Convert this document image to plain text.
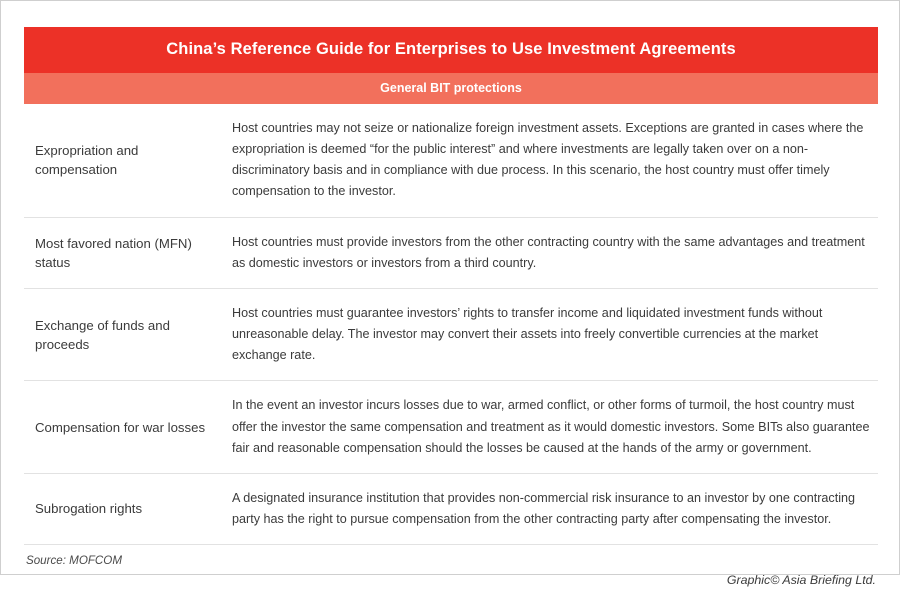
China’s Reference Guide for Enterprises to Use Investment Agreements
General BIT protections
Expropriation and compensation	Host countries may not seize or nationalize foreign investment assets. Exceptions are granted in cases where the expropriation is deemed “for the public interest” and where investments are legally taken over on a non-discriminatory basis and in compliance with due process. In this scenario, the host country must offer timely compensation to the investor.
Most favored nation (MFN) status	Host countries must provide investors from the other contracting country with the same advantages and treatment as domestic investors or investors from a third country.
Exchange of funds and proceeds	Host countries must guarantee investors’ rights to transfer income and liquidated investment funds without unreasonable delay. The investor may convert their assets into freely convertible currencies at the market exchange rate.
Compensation for war losses	In the event an investor incurs losses due to war, armed conflict, or other forms of turmoil, the host country must offer the investor the same compensation and treatment as it would domestic investors. Some BITs also guarantee fair and reasonable compensation should the losses be caused at the hands of the army or government.
Subrogation rights	A designated insurance institution that provides non-commercial risk insurance to an investor by one contracting party has the right to pursue compensation from the other contracting party after compensating the investor.
Source: MOFCOM
Graphic© Asia Briefing Ltd.
